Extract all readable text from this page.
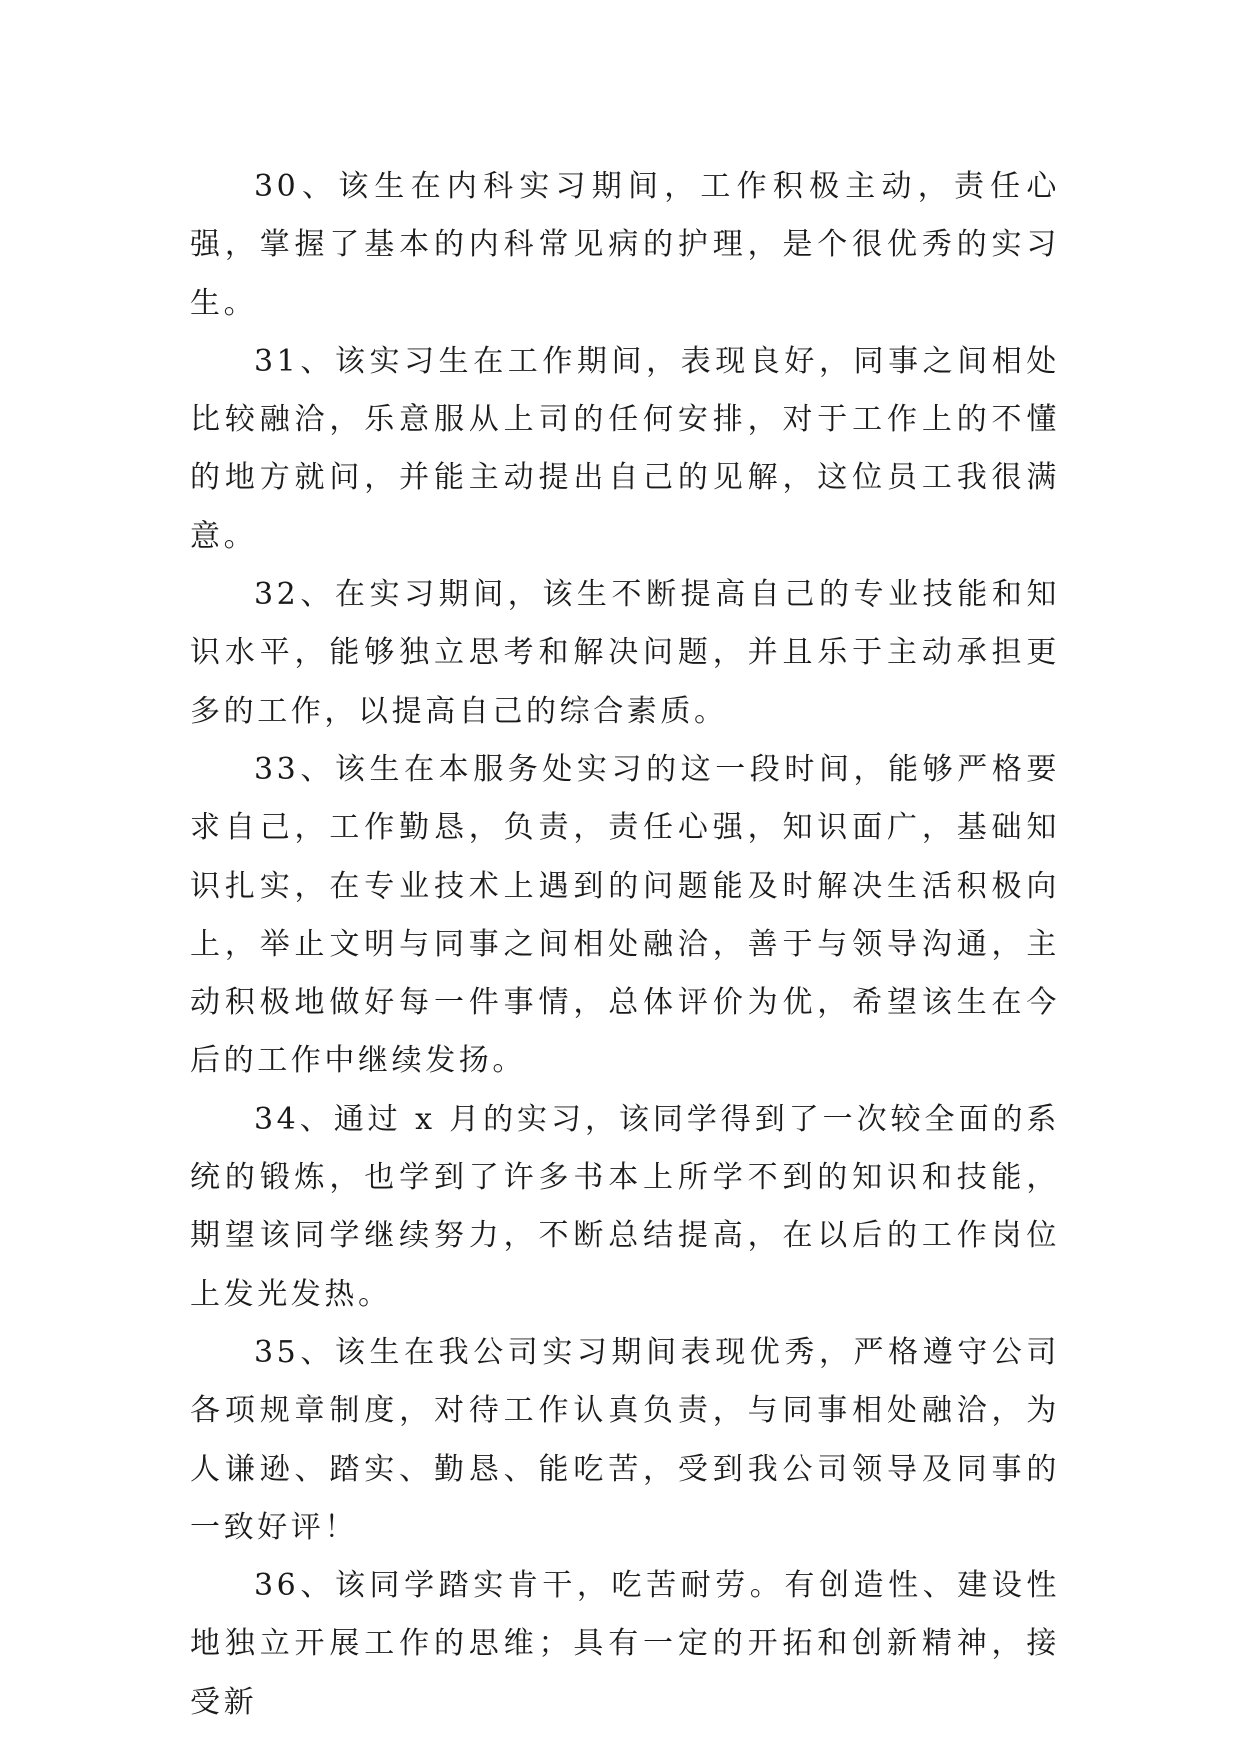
30、该生在内科实习期间，工作积极主动，责任心强，掌握了基本的内科常见病的护理，是个很优秀的实习生。

31、该实习生在工作期间，表现良好，同事之间相处比较融洽，乐意服从上司的任何安排，对于工作上的不懂的地方就问，并能主动提出自己的见解，这位员工我很满意。

32、在实习期间，该生不断提高自己的专业技能和知识水平，能够独立思考和解决问题，并且乐于主动承担更多的工作，以提高自己的综合素质。

33、该生在本服务处实习的这一段时间，能够严格要求自己，工作勤恳，负责，责任心强，知识面广，基础知识扎实，在专业技术上遇到的问题能及时解决生活积极向上，举止文明与同事之间相处融洽，善于与领导沟通，主动积极地做好每一件事情，总体评价为优，希望该生在今后的工作中继续发扬。

34、通过 x 月的实习，该同学得到了一次较全面的系统的锻炼，也学到了许多书本上所学不到的知识和技能，期望该同学继续努力，不断总结提高，在以后的工作岗位上发光发热。

35、该生在我公司实习期间表现优秀，严格遵守公司各项规章制度，对待工作认真负责，与同事相处融洽，为人谦逊、踏实、勤恳、能吃苦，受到我公司领导及同事的一致好评！

36、该同学踏实肯干，吃苦耐劳。有创造性、建设性地独立开展工作的思维；具有一定的开拓和创新精神，接受新
